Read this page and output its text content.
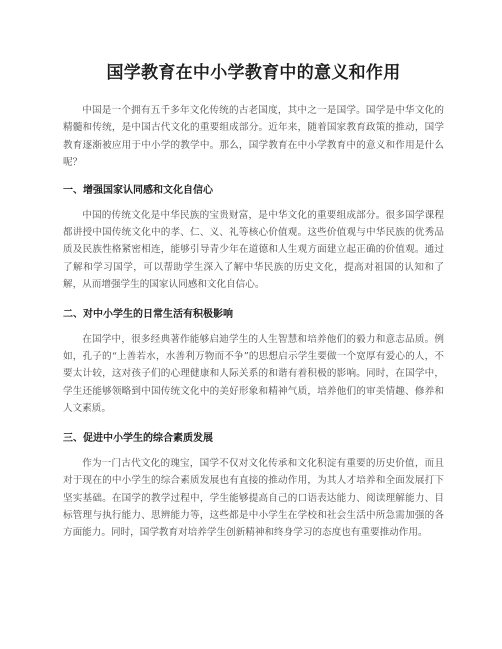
国学教育在中小学教育中的意义和作用

中国是一个拥有五千多年文化传统的古老国度，其中之一是国学。国学是中华文化的精髓和传统，是中国古代文化的重要组成部分。近年来，随着国家教育政策的推动，国学教育逐渐被应用于中小学的教学中。那么，国学教育在中小学教育中的意义和作用是什么呢？

一、增强国家认同感和文化自信心

中国的传统文化是中华民族的宝贵财富，是中华文化的重要组成部分。很多国学课程都讲授中国传统文化中的孝、仁、义、礼等核心价值观。这些价值观与中华民族的优秀品质及民族性格紧密相连，能够引导青少年在道德和人生观方面建立起正确的价值观。通过了解和学习国学，可以帮助学生深入了解中华民族的历史文化，提高对祖国的认知和了解，从而增强学生的国家认同感和文化自信心。

二、对中小学生的日常生活有积极影响

在国学中，很多经典著作能够启迪学生的人生智慧和培养他们的毅力和意志品质。例如，孔子的“上善若水，水善利万物而不争”的思想启示学生要做一个宽厚有爱心的人，不要太计较，这对孩子们的心理健康和人际关系的和谐有着积极的影响。同时，在国学中，学生还能够领略到中国传统文化中的美好形象和精神气质，培养他们的审美情趣、修养和人文素质。

三、促进中小学生的综合素质发展

作为一门古代文化的瑰宝，国学不仅对文化传承和文化积淀有重要的历史价值，而且对于现在的中小学生的综合素质发展也有直接的推动作用，为其人才培养和全面发展打下坚实基础。在国学的教学过程中，学生能够提高自己的口语表达能力、阅读理解能力、目标管理与执行能力、思辨能力等，这些都是中小学生在学校和社会生活中所急需加强的各方面能力。同时，国学教育对培养学生创新精神和终身学习的态度也有重要推动作用。
